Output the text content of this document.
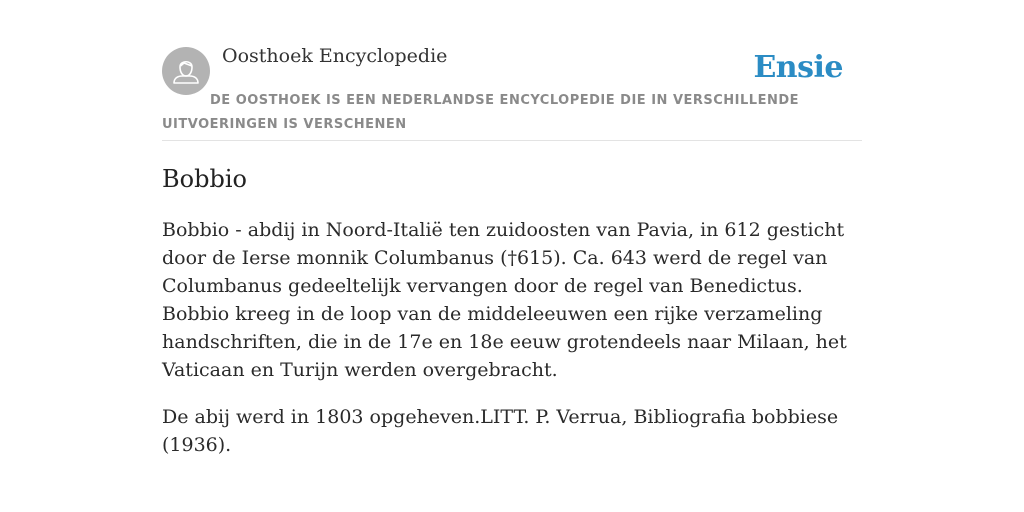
Oosthoek Encyclopedie	Ensie
DE OOSTHOEK IS EEN NEDERLANDSE ENCYCLOPEDIE DIE IN VERSCHILLENDE UITVOERINGEN IS VERSCHENEN
Bobbio

Bobbio - abdij in Noord-Italië ten zuidoosten van Pavia, in 612 gesticht door de Ierse monnik Columbanus (†615). Ca. 643 werd de regel van Columbanus gedeeltelijk vervangen door de regel van Benedictus. Bobbio kreeg in de loop van de middeleeuwen een rijke verzameling handschriften, die in de 17e en 18e eeuw grotendeels naar Milaan, het Vaticaan en Turijn werden overgebracht.

De abij werd in 1803 opgeheven.LITT. P. Verrua, Bibliografia bobbiese (1936).
